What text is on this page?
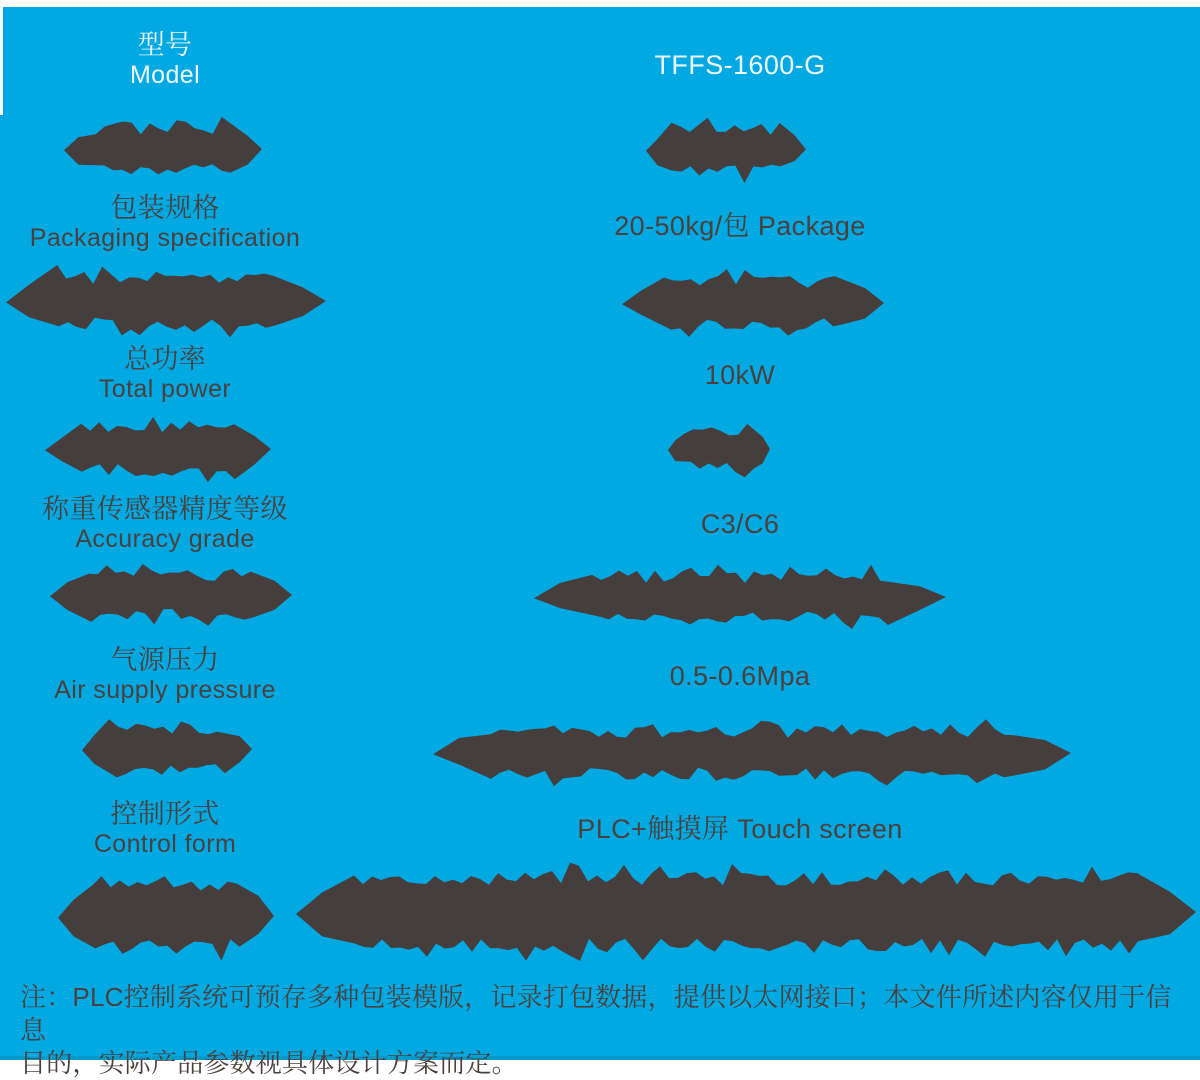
注：PLC控制系统可预存多种包装模版，记录打包数据，提供以太网接口；本文件所述内容仅用于信息
目的，实际产品参数视具体设计方案而定。
型号
Model	TFFS-1600-G
包装规格
Packaging specification	20-50kg/包 Package
总功率
Total power	10kW
称重传感器精度等级
Accuracy grade	C3/C6
气源压力
Air supply pressure	0.5-0.6Mpa
控制形式
Control form	PLC+触摸屏 Touch screen
